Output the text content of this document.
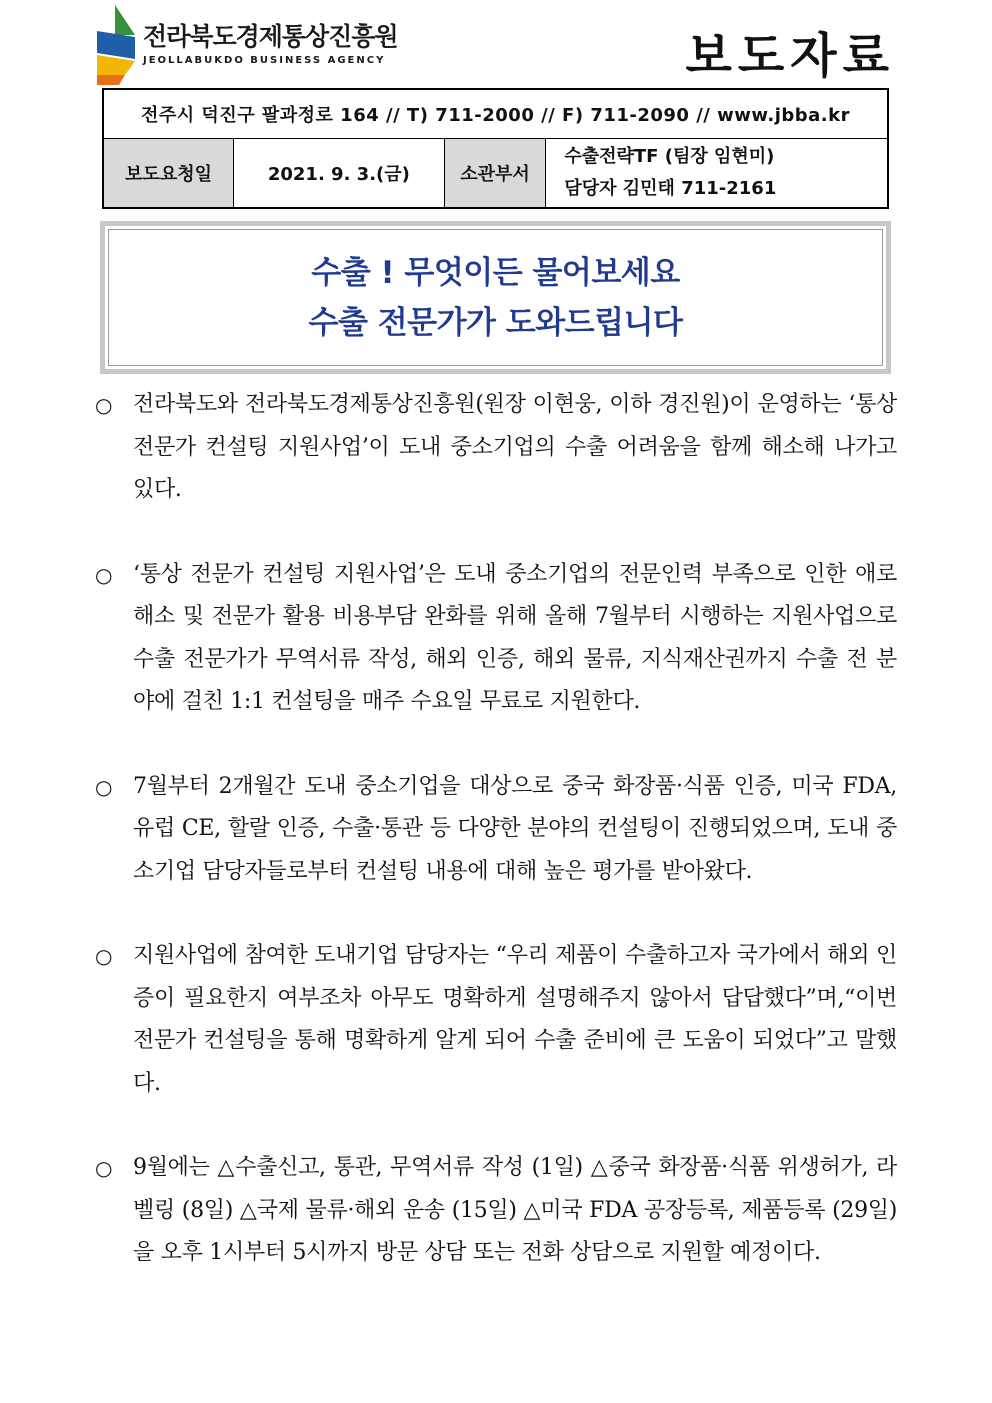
전라북도경제통상진흥원
JEOLLABUKDO BUSINESS AGENCY	보도자료
전주시 덕진구 팔과정로 164 // T) 711-2000 // F) 711-2090 // www.jbba.kr
보도요청일	2021. 9. 3.(금)	소관부서	
수출전략TF (팀장 임현미)
담당자 김민태 711-2161
수출 ! 무엇이든 물어보세요
수출 전문가가 도와드립니다
○ 전라북도와 전라북도경제통상진흥원(원장 이현웅, 이하 경진원)이 운영하는 ‘통상 전문가 컨설팅 지원사업’이 도내 중소기업의 수출 어려움을 함께 해소해 나가고 있다.
○ ‘통상 전문가 컨설팅 지원사업’은 도내 중소기업의 전문인력 부족으로 인한 애로 해소 및 전문가 활용 비용부담 완화를 위해 올해 7월부터 시행하는 지원사업으로 수출 전문가가 무역서류 작성, 해외 인증, 해외 물류, 지식재산권까지 수출 전 분야에 걸친 1:1 컨설팅을 매주 수요일 무료로 지원한다.
○ 7월부터 2개월간 도내 중소기업을 대상으로 중국 화장품·식품 인증, 미국 FDA, 유럽 CE, 할랄 인증, 수출·통관 등 다양한 분야의 컨설팅이 진행되었으며, 도내 중소기업 담당자들로부터 컨설팅 내용에 대해 높은 평가를 받아왔다.
○ 지원사업에 참여한 도내기업 담당자는 “우리 제품이 수출하고자 국가에서 해외 인증이 필요한지 여부조차 아무도 명확하게 설명해주지 않아서 답답했다”며,“이번 전문가 컨설팅을 통해 명확하게 알게 되어 수출 준비에 큰 도움이 되었다”고 말했다.
○ 9월에는 △수출신고, 통관, 무역서류 작성 (1일) △중국 화장품·식품 위생허가, 라벨링 (8일) △국제 물류·해외 운송 (15일) △미국 FDA 공장등록, 제품등록 (29일) 을 오후 1시부터 5시까지 방문 상담 또는 전화 상담으로 지원할 예정이다.
